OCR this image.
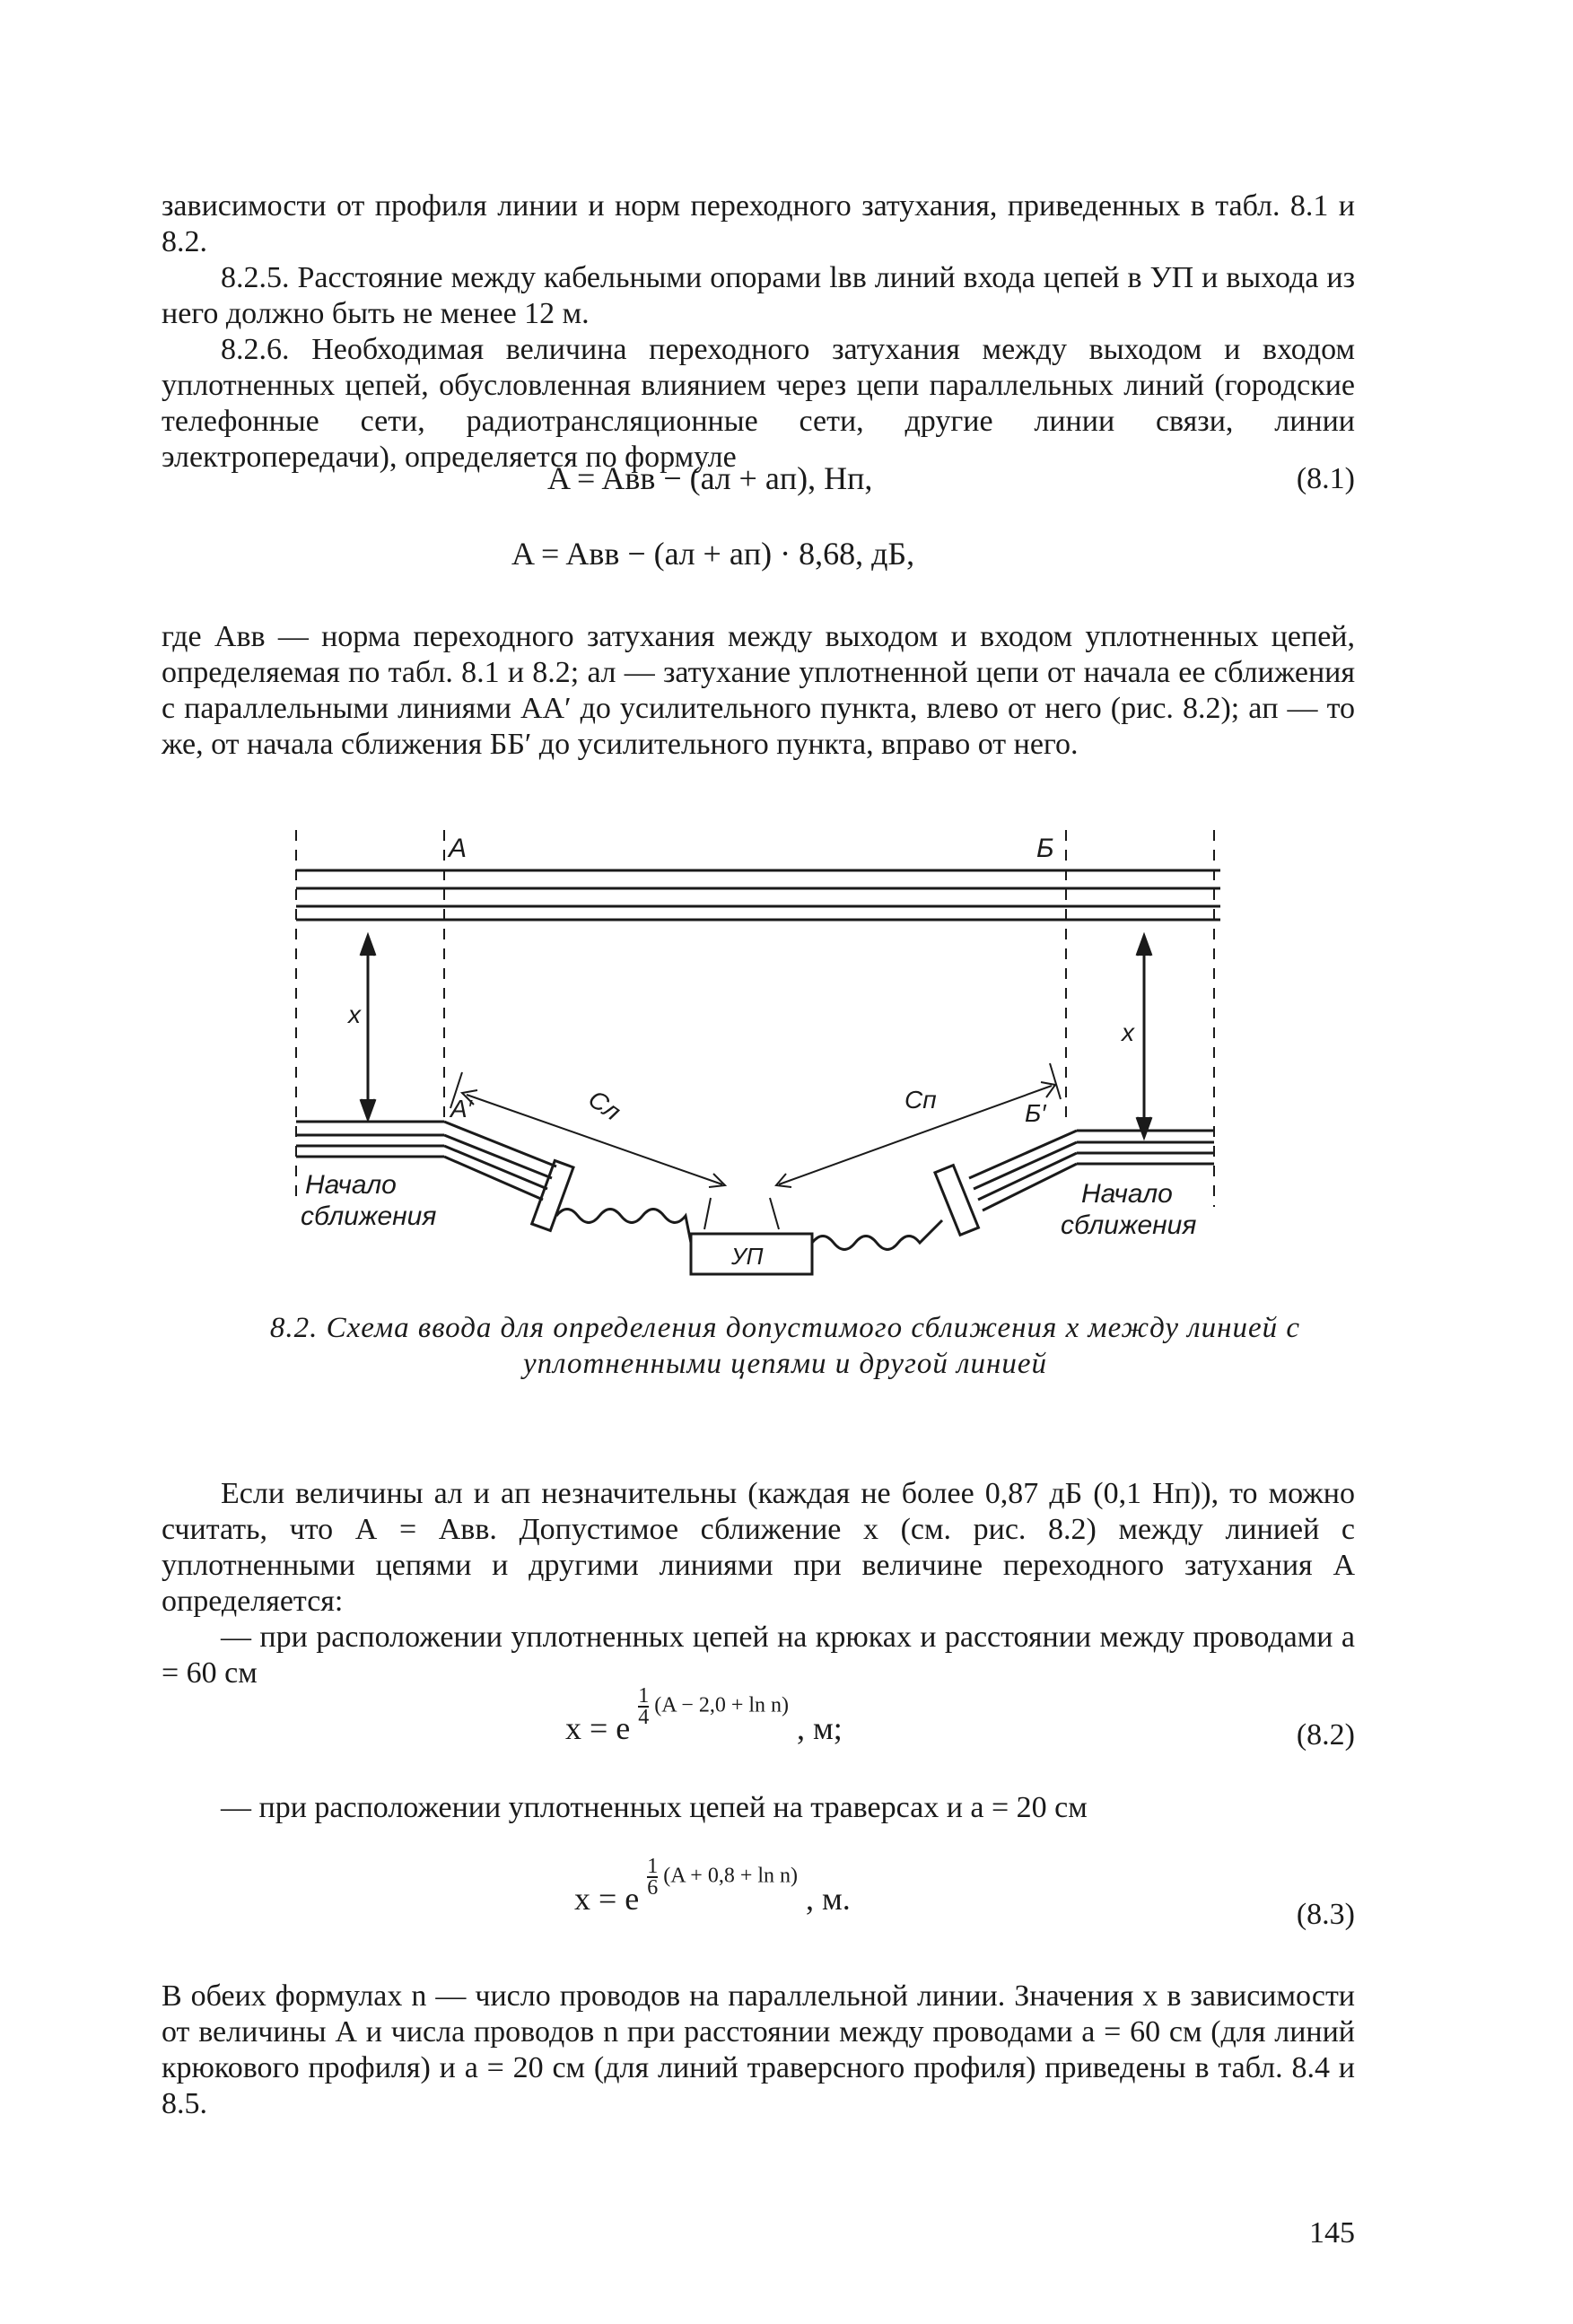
зависимости от профиля линии и норм переходного затухания, приведенных в табл. 8.1 и 8.2.

8.2.5. Расстояние между кабельными опорами lвв линий входа цепей в УП и выхода из него должно быть не менее 12 м.

8.2.6. Необходимая величина переходного затухания между выходом и входом уплотненных цепей, обусловленная влиянием через цепи параллельных линий (городские телефонные сети, радиотрансляционные сети, другие линии связи, линии электропередачи), определяется по формуле

A = Aвв − (aл + aп), Нп,	(8.1)
A = Aвв − (aл + aп) · 8,68, дБ,

где Авв — норма переходного затухания между выходом и входом уплотненных цепей, определяемая по табл. 8.1 и 8.2; aл — затухание уплотненной цепи от начала ее сближения с параллельными линиями АА′ до усилительного пункта, влево от него (рис. 8.2); aп — то же, от начала сближения ББ′ до усилительного пункта, вправо от него.

A	Б
A′	Б′
x
x
Сл	Сп
УП
Начало
сближения
Начало
сближения
8.2. Схема ввода для определения допустимого сближения x между линией с уплотненными цепями и другой линией

Если величины aл и aп незначительны (каждая не более 0,87 дБ (0,1 Нп)), то можно считать, что А = Авв. Допустимое сближение x (см. рис. 8.2) между линией с уплотненными цепями и другими линиями при величине переходного затухания А определяется:

— при расположении уплотненных цепей на крюках и расстоянии между проводами a = 60 см

x = e
$\frac{1}{4} (A - 2,0 + \ln n)$ , м;	(8.2)

— при расположении уплотненных цепей на траверсах и a = 20 см

x = e
$\frac{1}{6} (A + 0,8 + \ln n)$ , м.	(8.3)

В обеих формулах n — число проводов на параллельной линии. Значения x в зависимости от величины А и числа проводов n при расстоянии между проводами a = 60 см (для линий крюкового профиля) и a = 20 см (для линий траверсного профиля) приведены в табл. 8.4 и 8.5.

145
